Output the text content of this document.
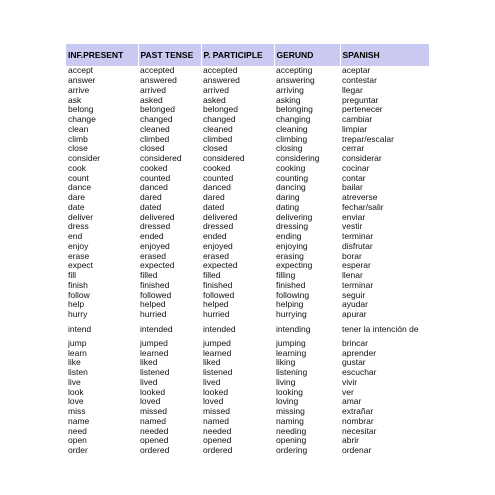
INF.PRESENT	PAST TENSE	P. PARTICIPLE	GERUND	SPANISH
accept	accepted	accepted	accepting	aceptar
answer	answered	answered	answering	contestar
arrive	arrived	arrived	arriving	llegar
ask	asked	asked	asking	preguntar
belong	belonged	belonged	belonging	pertenecer
change	changed	changed	changing	cambiar
clean	cleaned	cleaned	cleaning	limpiar
climb	climbed	climbed	climbing	trepar/escalar
close	closed	closed	closing	cerrar
consider	considered	considered	considering	considerar
cook	cooked	cooked	cooking	cocinar
count	counted	counted	counting	contar
dance	danced	danced	dancing	bailar
dare	dared	dared	daring	atreverse
date	dated	dated	dating	fechar/salir
deliver	delivered	delivered	delivering	enviar
dress	dressed	dressed	dressing	vestir
end	ended	ended	ending	terminar
enjoy	enjoyed	enjoyed	enjoying	disfrutar
erase	erased	erased	erasing	borar
expect	expected	expected	expecting	esperar
fill	filled	filled	filling	llenar
finish	finished	finished	finished	terminar
follow	followed	followed	following	seguir
help	helped	helped	helping	ayudar
hurry	hurried	hurried	hurrying	apurar
intend	intended	intended	intending	tener la intención de
jump	jumped	jumped	jumping	brincar
learn	learned	learned	learning	aprender
like	liked	liked	liking	gustar
listen	listened	listened	listening	escuchar
live	lived	lived	living	vivir
look	looked	looked	looking	ver
love	loved	loved	loving	amar
miss	missed	missed	missing	extrañar
name	named	named	naming	nombrar
need	needed	needed	needing	necesitar
open	opened	opened	opening	abrir
order	ordered	ordered	ordering	ordenar
